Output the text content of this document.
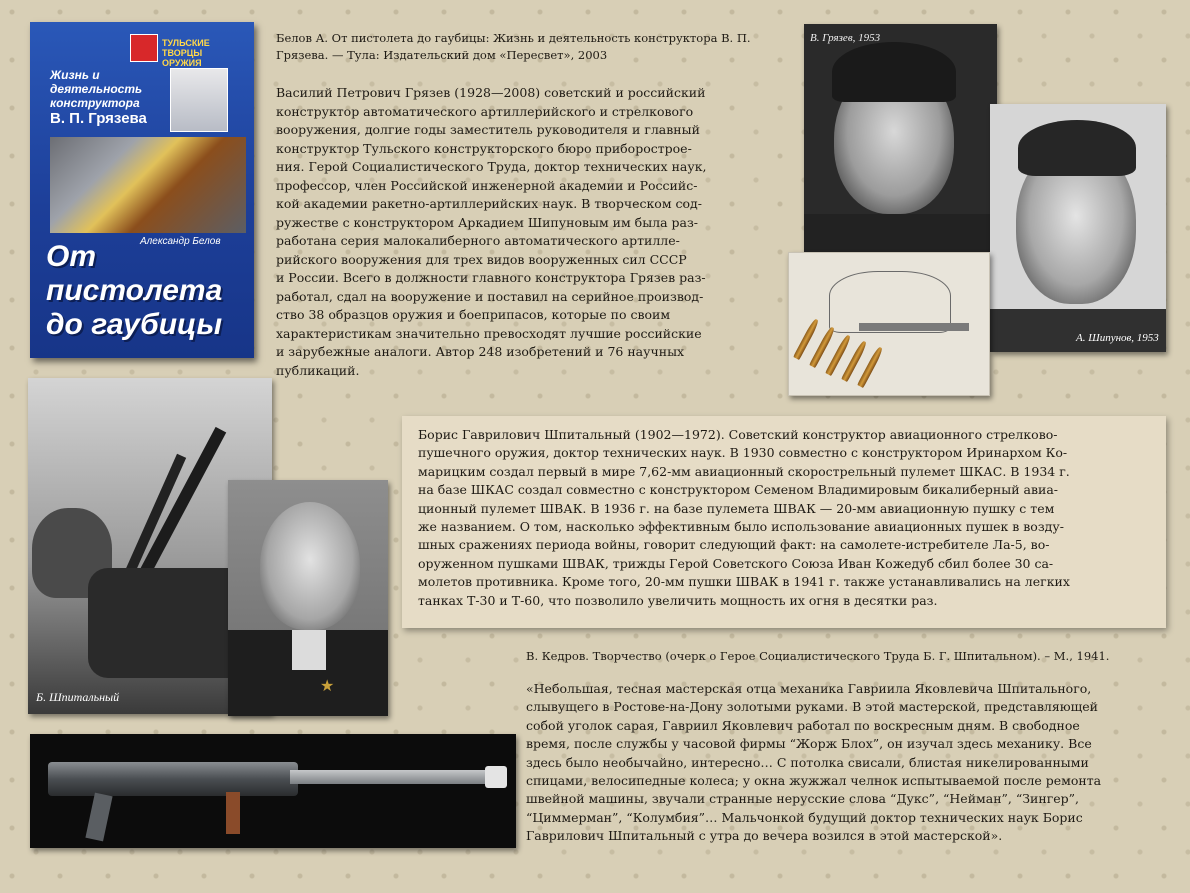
ТУЛЬСКИЕ ТВОРЦЫ ОРУЖИЯ
Жизнь и деятельность конструктора
В. П. Грязева
Александр Белов
От пистолета до гаубицы
Белов А. От пистолета до гаубицы: Жизнь и деятельность конструктора В. П. Грязева. — Тула: Издательский дом «Пересвет», 2003
Василий Петрович Грязев (1928—2008) советский и российский
конструктор автоматического артиллерийского и стрелкового
вооружения, долгие годы заместитель руководителя и главный
конструктор Тульского конструкторского бюро приборострое-
ния. Герой Социалистического Труда, доктор технических наук,
профессор, член Российской инженерной академии и Российс-
кой академии ракетно-артиллерийских наук. В творческом сод-
ружестве с конструктором Аркадием Шипуновым им была раз-
работана серия малокалиберного автоматического артилле-
рийского вооружения для трех видов вооруженных сил СССР
и России. Всего в должности главного конструктора Грязев раз-
работал, сдал на вооружение и поставил на серийное производ-
ство 38 образцов оружия и боеприпасов, которые по своим
характеристикам значительно превосходят лучшие российские
и зарубежные аналоги. Автор 248 изобретений и 76 научных
публикаций.
В. Грязев, 1953
А. Шипунов, 1953
Б. Шпитальный
★
Борис Гаврилович Шпитальный (1902—1972). Советский конструктор авиационного стрелково-
пушечного оружия, доктор технических наук. В 1930 совместно с конструктором Иринархом Ко-
марицким создал первый в мире 7,62-мм авиационный скорострельный пулемет ШКАС. В 1934 г.
на базе ШКАС создал совместно с конструктором Семеном Владимировым бикалиберный авиа-
ционный пулемет ШВАК. В 1936 г. на базе пулемета ШВАК — 20-мм авиационную пушку с тем
же названием. О том, насколько эффективным было использование авиационных пушек в возду-
шных сражениях периода войны, говорит следующий факт: на самолете-истребителе Ла-5, во-
оруженном пушками ШВАК, трижды Герой Советского Союза Иван Кожедуб сбил более 30 са-
молетов противника. Кроме того, 20-мм пушки ШВАК в 1941 г. также устанавливались на легких
танках Т-30 и Т-60, что позволило увеличить мощность их огня в десятки раз.
В. Кедров. Творчество (очерк о Герое Социалистического Труда Б. Г. Шпитальном). – М., 1941.
«Небольшая, тесная мастерская отца механика Гавриила Яковлевича Шпитального,
слывущего в Ростове-на-Дону золотыми руками. В этой мастерской, представляющей
собой уголок сарая, Гавриил Яковлевич работал по воскресным дням. В свободное
время, после службы у часовой фирмы “Жорж Блох”, он изучал здесь механику. Все
здесь было необычайно, интересно… С потолка свисали, блистая никелированными
спицами, велосипедные колеса; у окна жужжал челнок испытываемой после ремонта
швейной машины, звучали странные нерусские слова “Дукс”, “Нейман”, “Зингер”,
“Циммерман”, “Колумбия”… Мальчонкой будущий доктор технических наук Борис
Гаврилович Шпитальный с утра до вечера возился в этой мастерской».
